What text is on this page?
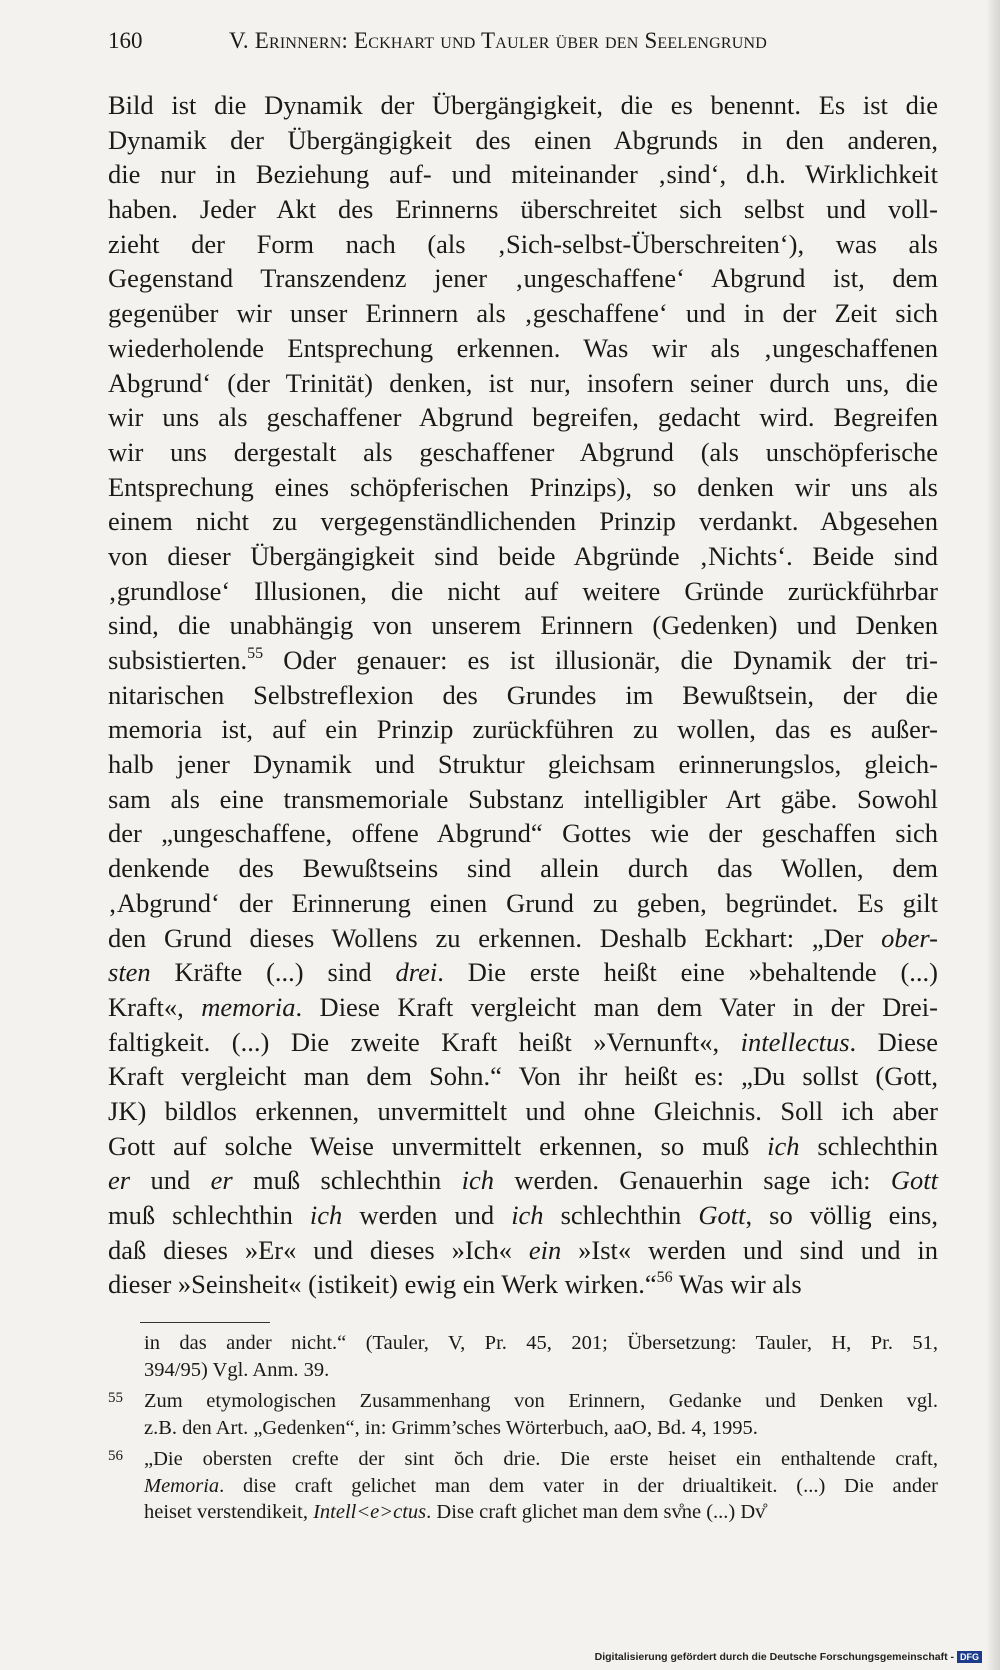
160	V. Erinnern: Eckhart und Tauler über den Seelengrund
Bild ist die Dynamik der Übergängigkeit, die es benennt. Es ist die
Dynamik der Übergängigkeit des einen Abgrunds in den anderen,
die nur in Beziehung auf- und miteinander ‚sind‘, d.h. Wirklichkeit
haben. Jeder Akt des Erinnerns überschreitet sich selbst und voll-
zieht der Form nach (als ‚Sich-selbst-Überschreiten‘), was als
Gegenstand Transzendenz jener ‚ungeschaffene‘ Abgrund ist, dem
gegenüber wir unser Erinnern als ‚geschaffene‘ und in der Zeit sich
wiederholende Entsprechung erkennen. Was wir als ‚ungeschaffenen
Abgrund‘ (der Trinität) denken, ist nur, insofern seiner durch uns, die
wir uns als geschaffener Abgrund begreifen, gedacht wird. Begreifen
wir uns dergestalt als geschaffener Abgrund (als unschöpferische
Entsprechung eines schöpferischen Prinzips), so denken wir uns als
einem nicht zu vergegenständlichenden Prinzip verdankt. Abgesehen
von dieser Übergängigkeit sind beide Abgründe ‚Nichts‘. Beide sind
‚grundlose‘ Illusionen, die nicht auf weitere Gründe zurückführbar
sind, die unabhängig von unserem Erinnern (Gedenken) und Denken
subsistierten.$^{55}$ Oder genauer: es ist illusionär, die Dynamik der tri-
nitarischen Selbstreflexion des Grundes im Bewußtsein, der die
memoria ist, auf ein Prinzip zurückführen zu wollen, das es außer-
halb jener Dynamik und Struktur gleichsam erinnerungslos, gleich-
sam als eine transmemoriale Substanz intelligibler Art gäbe. Sowohl
der „ungeschaffene, offene Abgrund“ Gottes wie der geschaffen sich
denkende des Bewußtseins sind allein durch das Wollen, dem
‚Abgrund‘ der Erinnerung einen Grund zu geben, begründet. Es gilt
den Grund dieses Wollens zu erkennen. Deshalb Eckhart: „Der ober-
sten Kräfte (...) sind drei. Die erste heißt eine »behaltende (...)
Kraft«, memoria. Diese Kraft vergleicht man dem Vater in der Drei-
faltigkeit. (...) Die zweite Kraft heißt »Vernunft«, intellectus. Diese
Kraft vergleicht man dem Sohn.“ Von ihr heißt es: „Du sollst (Gott,
JK) bildlos erkennen, unvermittelt und ohne Gleichnis. Soll ich aber
Gott auf solche Weise unvermittelt erkennen, so muß ich schlechthin
er und er muß schlechthin ich werden. Genauerhin sage ich: Gott
muß schlechthin ich werden und ich schlechthin Gott, so völlig eins,
daß dieses »Er« und dieses »Ich« ein »Ist« werden und sind und in
dieser »Seinsheit« (istikeit) ewig ein Werk wirken.“$^{56}$ Was wir als
in das ander nicht.“ (Tauler, V, Pr. 45, 201; Übersetzung: Tauler, H, Pr. 51,
394/95) Vgl. Anm. 39.
55 Zum etymologischen Zusammenhang von Erinnern, Gedanke und Denken vgl.
z.B. den Art. „Gedenken“, in: Grimm’sches Wörterbuch, aaO, Bd. 4, 1995.
56 „Die obersten crefte der sint ŏch drie. Die erste heiset ein enthaltende craft,
Memoria. dise craft gelichet man dem vater in der driualtikeit. (...) Die ander
heiset verstendikeit, Intell<e>ctus. Dise craft glichet man dem sv̊ne (...) Dv̊
Digitalisierung gefördert durch die Deutsche Forschungsgemeinschaft - DFG
